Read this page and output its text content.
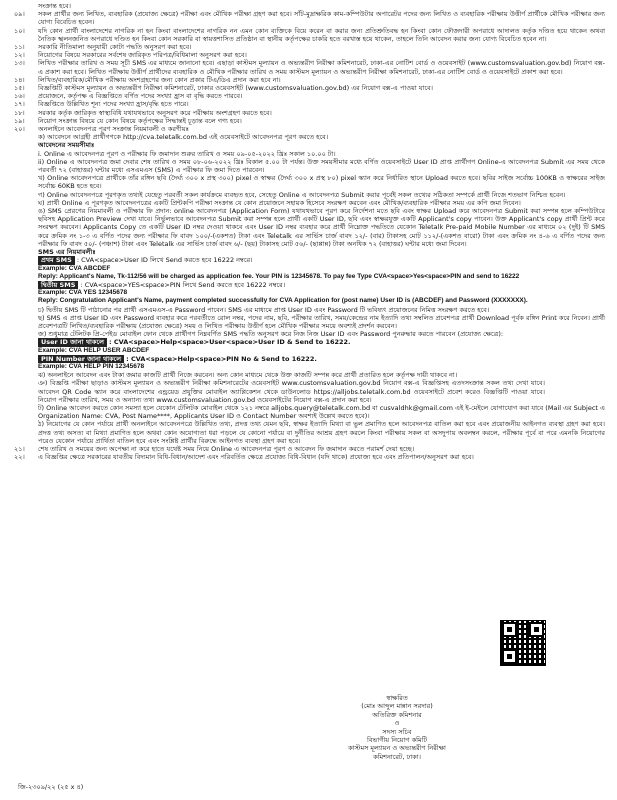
সংক্রান্ত হবে।
০৯।	সকল প্রার্থীর জন্য লিখিত, ব্যবহারিক (প্রযোজ্য ক্ষেত্রে) পরীক্ষা এবং মৌখিক পরীক্ষা গ্রহণ করা হবে। সাঁট-মুদ্রাক্ষরিক কাম-কম্পিউটার অপারেটর পদের জন্য লিখিত ও ব্যবহারিক পরীক্ষায় উত্তীর্ণ প্রার্থীকে মৌখিক পরীক্ষার জন্য যোগ্য বিবেচিত হবেন।
১০।	যদি কোন প্রার্থী বাংলাদেশের নাগরিক না হন কিংবা বাংলাদেশের নাগরিক নন এমন কোন ব্যক্তিকে বিয়ে করেন বা করার জন্য প্রতিশ্রুতিবদ্ধ হন কিংবা কোন ফৌজদারী অপরাধে আদালত কর্তৃক দণ্ডিত হয়ে থাকেন অথবা নৈতিক স্খলনজনিত অপরাধে দণ্ডিত হন কিংবা কোন সরকারি বা স্বায়ত্তশাসিত প্রতিষ্ঠান বা স্থানীয় কর্তৃপক্ষের চাকরি হতে বরখাস্ত হয়ে থাকেন, তাহলে তিনি আবেদন করার জন্য যোগ্য বিবেচিত হবেন না।
১১।	সরকারি নীতিমালা অনুযায়ী কোটা পদ্ধতি অনুসরণ করা হবে।
১২।	নিয়োগের বিষয়ে সরকারের সর্বশেষ জারিকৃত পরিপত্র/বিধিমালা অনুসরণ করা হবে।
১৩।	লিখিত পরীক্ষার তারিখ ও সময় সূচী SMS এর মাধ্যমে জানানো হবে। এছাড়া কাস্টমস মূল্যায়ন ও অভ্যন্তরীণ নিরীক্ষা কমিশনারেট, ঢাকা-এর নোটিশ বোর্ড ও ওয়েবসাইট (www.customsvaluation.gov.bd) নিয়োগ বক্স-এ প্রকাশ করা হবে। লিখিত পরীক্ষায় উত্তীর্ণ প্রার্থীদের ব্যবহারিক ও মৌখিক পরীক্ষার তারিখ ও সময় কাস্টমস মূল্যায়ন ও অভ্যন্তরীণ নিরীক্ষা কমিশনারেট, ঢাকা-এর নোটিশ বোর্ড ও ওয়েবসাইটে প্রকাশ করা হবে।
১৪।	লিখিত/ব্যবহারিক/মৌখিক পরীক্ষায় অংশগ্রহণের জন্য কোন প্রকার টিএ/ডিএ প্রদান করা হবে না।
১৫।	বিজ্ঞপ্তিটি কাস্টমস মূল্যায়ন ও অভ্যন্তরীণ নিরীক্ষা কমিশনারেট, ঢাকার ওয়েবসাইট (www.customsvaluation.gov.bd) এর নিয়োগ বক্স-এ পাওয়া যাবে।
১৬।	প্রয়োজনে, কর্তৃপক্ষ এ বিজ্ঞপ্তিতে বর্ণিত পদের সংখ্যা হ্রাস বা বৃদ্ধি করতে পারবে।
১৭।	বিজ্ঞপ্তিতে উল্লিখিত শূন্য পদের সংখ্যা হ্রাস/বৃদ্ধি হতে পারে।
১৮।	সরকার কর্তৃক জারিকৃত স্বাস্থ্যবিধি যথাযথভাবে অনুসরণ করে পরীক্ষায় অংশগ্রহণ করতে হবে।
১৯।	নিয়োগ সংক্রান্ত বিষয়ে যে কোন বিষয়ে কর্তৃপক্ষের সিদ্ধান্তই চূড়ান্ত বলে গণ্য হবে।
২০।	অনলাইনে আবেদনপত্র পূরণ সংক্রান্ত নিয়মাবলী ও করণীয়ঃ
ক) আবেদনে আগ্রহী প্রার্থীগণকে http://cva.teletalk.com.bd এই ওয়েবসাইটে আবেদনপত্র পূরণ করতে হবে।
আবেদনের সময়সীমাঃ
i. Online এ আবেদনপত্র পূরণ ও পরীক্ষার ফি জমাদান শুরুর তারিখ ও সময় ০৯-০৫-২০২২ খ্রিঃ সকাল ১০.০০ টা।
ii) Online এ আবেদনপত্র জমা দেবার শেষ তারিখ ও সময় ০৮-০৬-২০২২ খ্রিঃ বিকাল ৫.০০ টা পর্যন্ত। উক্ত সময়সীমার মধ্যে বর্ণিত ওয়েবসাইটে User ID প্রাপ্ত প্রার্থীগণ Online-এ আবেদনপত্র Submit এর সময় থেকে পরবর্তী ৭২ (বাহাত্তর) ঘন্টার মধ্যে এসএমএস (SMS) এ পরীক্ষার ফি জমা দিতে পারবেন।
খ) Online আবেদনপত্রে প্রার্থীকে তাঁর রঙ্গিন ছবি (দৈর্ঘ্য ৩০০ x প্রস্থ ৩০০) pixel ও স্বাক্ষর (দৈর্ঘ্য ৩০০ x প্রস্থ ৮০) pixel স্ক্যান করে নির্ধারিত স্থানে Upload করতে হবে। ছবির সাইজ সর্বোচ্চ 100KB ও স্বাক্ষরের সাইজ সর্বোচ্চ 60KB হতে হবে।
গ) Online আবেদনপত্রে পূরণকৃত তথ্যই যেহেতু পরবর্তী সকল কার্যক্রমে ব্যবহৃত হবে, সেহেতু Online এ আবেদনপত্র Submit করার পূর্বেই সকল তথ্যের সঠিকতা সম্পর্কে প্রার্থী নিজে শতভাগ নিশ্চিত হবেন।
ঘ) প্রার্থী Online এ পূরণকৃত আবেদনপত্রের একটি প্রিন্টকপি পরীক্ষা সংক্রান্ত যে কোন প্রয়োজনে সহায়ক হিসেবে সংরক্ষণ করবেন এবং মৌখিক/ব্যবহারিক পরীক্ষার সময় এর কপি জমা দিবেন।
ঙ) SMS প্রেরণের নিয়মাবলী ও পরীক্ষার ফি প্রদান: online আবেদনপত্র (Application Form) যথাযথভাবে পূরণ করে নির্দেশনা মতে ছবি এবং স্বাক্ষর Upload করে আবেদনপত্র Submit করা সম্পন্ন হলে কম্পিউটারে ছবিসহ Application Preview দেখা যাবে। নির্ভুলভাবে আবেদনপত্র Submit করা সম্পন্ন হলে প্রার্থী একটি User ID, ছবি এবং স্বাক্ষরযুক্ত একটি Applicant's copy পাবেন। উক্ত Applicant's copy প্রার্থী প্রিন্ট করে সংরক্ষণ করবেন। Applicants Copy তে একটি User ID নম্বর দেওয়া থাকবে এবং User ID নম্বর ব্যবহার করে প্রার্থী নিম্নোক্ত পদ্ধতিতে যেকোন Teletalk Pre-paid Mobile Number এর মাধ্যমে ০২ (দুই) টি SMS করে ক্রমিক নং ১-৩ এ বর্ণিত পদের জন্য পরীক্ষার ফি বাবদ ১০০/-(একশত) টাকা এবং Teletalk এর সার্ভিস চার্জ বাবদ ১২/- (বার) টাকাসহ মোট ১১২/-(একশত বারো) টাকা এবং ক্রমিক নং ৪-৬ এ বর্ণিত পদের জন্য পরীক্ষার ফি বাবদ ৫০/- (পঞ্চাশ) টাকা এবং Teletalk এর সার্ভিস চার্জ বাবদ ৬/- (ছয়) টাকাসহ মোট ৫৬/- (ছাপ্পান্ন) টাকা অনধিক ৭২ (বাহাত্তর) ঘন্টার মধ্যে জমা দিবেন।
SMS এর নিয়মাবলীঃ
প্রথম SMS : CVA<space>User ID লিখে Send করতে হবে 16222 নম্বরে।
Example: CVA ABCDEF
Reply: Applicant's Name, Tk-112/56 will be charged as application fee. Your PIN is 12345678. To pay fee Type CVA<space>Yes<space>PIN and send to 16222
দ্বিতীয় SMS : CVA<space>YES<space>PIN লিখে Send করতে হবে 16222 নম্বরে।
Example: CVA YES 12345678
Reply: Congratulation Applicant's Name, payment completed successfully for CVA Application for (post name) User ID is (ABCDEF) and Password (XXXXXXX).
চ) দ্বিতীয় SMS টি পাঠানোর পর প্রার্থী এসএমএস-এ Password পাবেন। SMS এর মাধ্যমে প্রাপ্ত User ID এবং Password টি ভবিষ্যৎ প্রয়োজনের নিমিত্ত সংরক্ষণ করতে হবে।
ছ) SMS এ প্রাপ্ত User ID এবং Password ব্যবহার করে পরবর্তীতে রোল নম্বর, পদের নাম, ছবি, পরীক্ষার তারিখ, সময়/কেন্দ্রের নাম ইত্যাদি তথ্য সম্বলিত প্রবেশপত্র প্রার্থী Download পূর্বক রঙ্গিন Print করে নিবেন। প্রার্থী প্রবেশপত্রটি লিখিত/ব্যবহারিক পরীক্ষায় (প্রযোজ্য ক্ষেত্রে) সময় ও লিখিত পরীক্ষায় উত্তীর্ণ হলে মৌখিক পরীক্ষার সময়ে অবশ্যই প্রদর্শন করবেন।
জ) শুধুমাত্র টেলিটক প্রি-পেইড মোবাইল ফোন থেকে প্রার্থীগণ নিম্নবর্ণিত SMS পদ্ধতি অনুসরণ করে নিজ নিজ User ID এবং Password পুনরুদ্ধার করতে পারবেন (প্রযোজ্য ক্ষেত্রে):
User ID জানা থাকলে : CVA<space>Help<space>User<space>User ID & Send to 16222.
Example: CVA HELP USER ABCDEF
PIN Number জানা থাকলে : CVA<space>Help<space>PIN No & Send to 16222.
Example: CVA HELP PIN 12345678
ঝ) অনলাইনে আবেদন এবং টাকা জমার কাজটি প্রার্থী নিজে করবেন। অন্য কোন মাধ্যমে থেকে উক্ত কাজটি সম্পন্ন করে প্রার্থী প্রতারিত হলে কর্তৃপক্ষ দায়ী থাকবে না।
ঞ) বিজ্ঞপ্তি পরীক্ষা ছাড়াও কাস্টমস মূল্যায়ন ও অভ্যন্তরীণ নিরীক্ষা কমিশনারেটের ওয়েবসাইট www.customsvaluation.gov.bd নিয়োগ বক্স-এ বিজ্ঞপ্তিসহ এতদসংক্রান্ত সকল তথ্য দেখা যাবে। আবেদন QR Code স্ক্যান করে বাংলাদেশের এন্ড্রয়েড প্রযুক্তির মোবাইল অ্যাপ্লিকেশন থেকে ডাউনলোড https://alljobs.teletalk.com.bd ওয়েবসাইটে প্রবেশ করেও বিজ্ঞপ্তিটি পাওয়া যাবে। নিয়োগ পরীক্ষার তারিখ, সময় ও অন্যান্য তথ্য www.customsvaluation.gov.bd ওয়েবসাইটের নিয়োগ বক্স-এ প্রদান করা হবে।
ট) Online আবেদন করতে কোন সমস্যা হলে যেকোন টেলিটক মোবাইল থেকে ১২১ নম্বরে alljobs.query@teletalk.com.bd বা cusvaldhk@gmail.com এই ই-মেইলে যোগাযোগ করা যাবে (Mail এর Subject এ Organization Name: CVA, Post Name****, Applicants User ID ও Contact Number অবশ্যই উল্লেখ করতে হবে)।
ঠ) নিয়োগের যে কোন পর্যায়ে প্রার্থী অনলাইনে আবেদনপত্রে উল্লিখিত তথ্য, প্রদত্ত তথ্য যেমন ছবি, স্বাক্ষর ইত্যাদি মিথ্যা বা ভুল প্রমাণিত হলে আবেদনপত্র বাতিল করা হবে এবং প্রয়োজনীয় আইনগত ব্যবস্থা গ্রহণ করা হবে। প্রদত্ত তথ্য অসত্য বা মিথ্যা প্রমাণিত হলে অথবা কোন অযোগ্যতা ধরা পড়লে যে কোনো পর্যায়ে বা দুর্নীতির আশ্রয় গ্রহণ করলে কিংবা পরীক্ষায় সকল বা অসদুপায় অবলম্বন করলে, পরীক্ষার পূর্বে বা পরে এমনকি নিয়োগের পরেও যেকোন পর্যায়ে প্রার্থিতা বাতিল হবে এবং সংশ্লিষ্ট প্রার্থীর বিরুদ্ধে আইনগত ব্যবস্থা গ্রহণ করা হবে।
২১।	শেষ তারিখ ও সময়ের জন্য অপেক্ষা না করে হাতে যথেষ্ট সময় নিয়ে Online এ আবেদনপত্র পূরণ ও আবেদন ফি জমাদান করতে পরামর্শ দেয়া হচ্ছে।
২২।	এ বিজ্ঞপ্তির ক্ষেত্রে সরকারের যাবতীয় বিদ্যমান বিধি-বিধান/আদেশ এবং পরিবর্তিত ক্ষেত্রে প্রযোজ্য বিধি-বিধান (যদি থাকে) প্রযোজ্য হবে এবং প্রতিপালন/অনুসরণ করা হবে।
স্বাক্ষরিত
(মোঃ আব্দুল মান্নান সরদার)
অতিরিক্ত কমিশনার
ও
সদস্য সচিব
বিভাগীয় নিয়োগ কমিটি
কাস্টমস মূল্যায়ন ও অভ্যন্তরীণ নিরীক্ষা
কমিশনারেট, ঢাকা।
জি-২৩০৯/২২ (২৫ x ৪)
